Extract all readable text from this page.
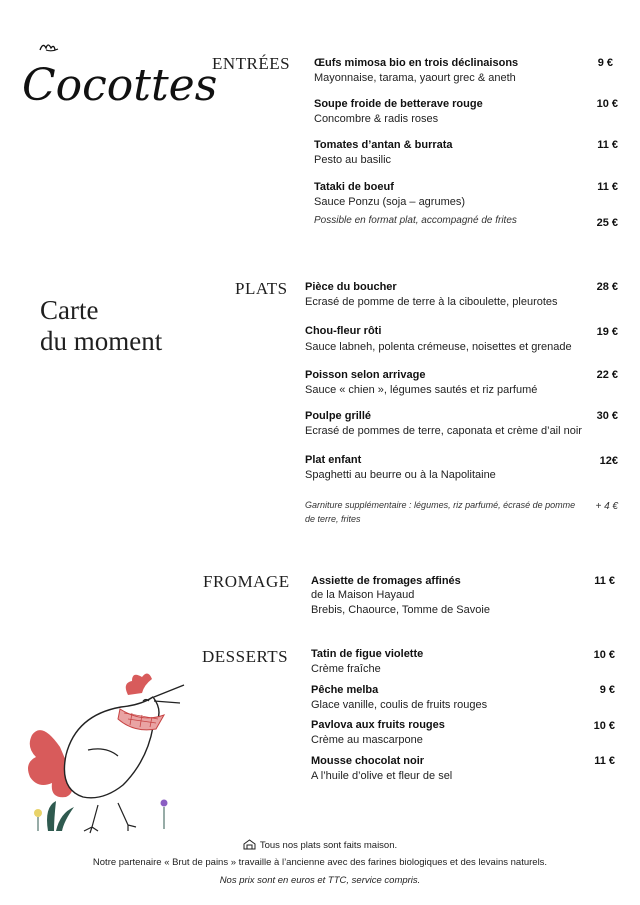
Cocottes
Carte
du moment
ENTRÉES Œufs mimosa bio en trois déclinaisons
Mayonnaise, tarama, yaourt grec & aneth
9 €
Soupe froide de betterave rouge
Concombre & radis roses
10 €
Tomates d’antan & burrata
Pesto au basilic
11 €
Tataki de boeuf
Sauce Ponzu (soja – agrumes)
11 €
Possible en format plat, accompagné de frites	25 €
PLATS Pièce du boucher
Ecrasé de pomme de terre à la ciboulette, pleurotes
28 €
Chou-fleur rôti
Sauce labneh, polenta crémeuse, noisettes et grenade
19 €
Poisson selon arrivage
Sauce « chien », légumes sautés et riz parfumé
22 €
Poulpe grillé
Ecrasé de pommes de terre, caponata et crème d’ail noir
30 €
Plat enfant
Spaghetti au beurre ou à la Napolitaine
12€
Garniture supplémentaire : légumes, riz parfumé, écrasé de pomme
de terre, frites
+ 4 €
FROMAGE Assiette de fromages affinés
de la Maison Hayaud
Brebis, Chaource, Tomme de Savoie
11 €
DESSERTS Tatin de figue violette
Crème fraîche
10 €
Pêche melba
Glace vanille, coulis de fruits rouges
9 €
Pavlova aux fruits rouges
Crème au mascarpone
10 €
Mousse chocolat noir
A l’huile d’olive et fleur de sel
11 €
Tous nos plats sont faits maison.
Notre partenaire « Brut de pains » travaille à l’ancienne avec des farines biologiques et des levains naturels.
Nos prix sont en euros et TTC, service compris.
